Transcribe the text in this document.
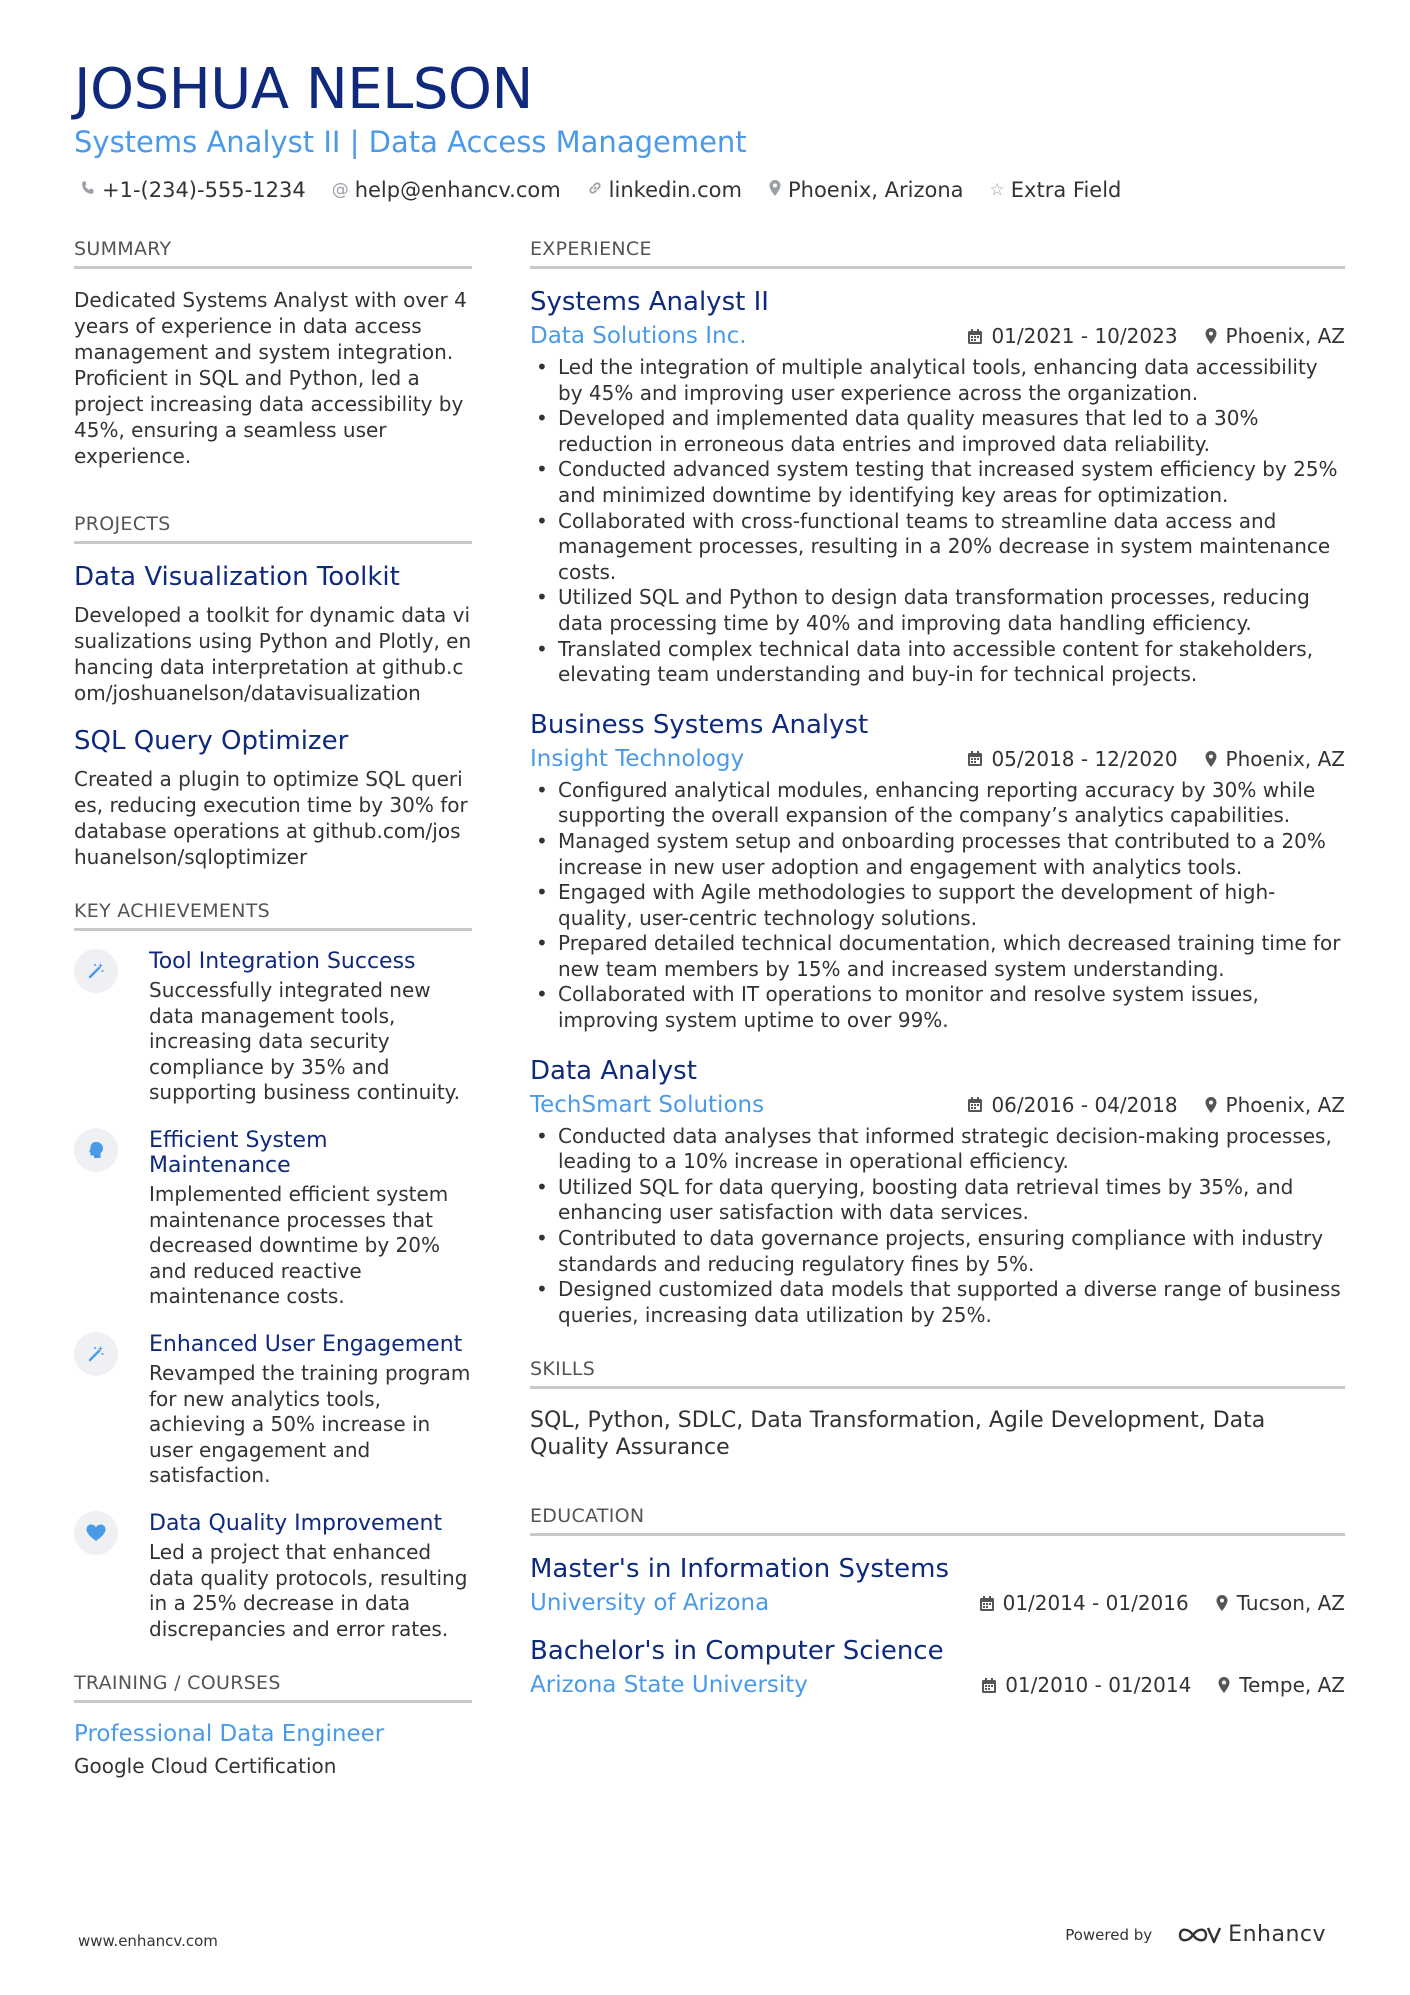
JOSHUA NELSON
Systems Analyst II | Data Access Management
+1-(234)-555-1234 @ help@enhancv.com linkedin.com Phoenix, Arizona ☆ Extra Field
SUMMARY

Dedicated Systems Analyst with over 4 years of experience in data access management and system integration. Proficient in SQL and Python, led a project increasing data accessibility by 45%, ensuring a seamless user experience.

PROJECTS
Data Visualization Toolkit

Developed a toolkit for dynamic data visualizations using Python and Plotly, enhancing data interpretation at github.com/joshuanelson/datavisualization

SQL Query Optimizer

Created a plugin to optimize SQL queries, reducing execution time by 30% for database operations at github.com/joshuanelson/sqloptimizer

KEY ACHIEVEMENTS
Tool Integration Success

Successfully integrated new data management tools, increasing data security compliance by 35% and supporting business continuity.

Efficient System Maintenance

Implemented efficient system maintenance processes that decreased downtime by 20% and reduced reactive maintenance costs.

Enhanced User Engagement

Revamped the training program for new analytics tools, achieving a 50% increase in user engagement and satisfaction.

Data Quality Improvement

Led a project that enhanced data quality protocols, resulting in a 25% decrease in data discrepancies and error rates.

TRAINING / COURSES
Professional Data Engineer

Google Cloud Certification

EXPERIENCE
Systems Analyst II
Data Solutions Inc.	01/2021 - 10/2023 Phoenix, AZ
• Led the integration of multiple analytical tools, enhancing data accessibility by 45% and improving user experience across the organization.
• Developed and implemented data quality measures that led to a 30% reduction in erroneous data entries and improved data reliability.
• Conducted advanced system testing that increased system efficiency by 25% and minimized downtime by identifying key areas for optimization.
• Collaborated with cross-functional teams to streamline data access and management processes, resulting in a 20% decrease in system maintenance costs.
• Utilized SQL and Python to design data transformation processes, reducing data processing time by 40% and improving data handling efficiency.
• Translated complex technical data into accessible content for stakeholders, elevating team understanding and buy-in for technical projects.
Business Systems Analyst
Insight Technology	05/2018 - 12/2020 Phoenix, AZ
• Configured analytical modules, enhancing reporting accuracy by 30% while supporting the overall expansion of the company’s analytics capabilities.
• Managed system setup and onboarding processes that contributed to a 20% increase in new user adoption and engagement with analytics tools.
• Engaged with Agile methodologies to support the development of high-quality, user-centric technology solutions.
• Prepared detailed technical documentation, which decreased training time for new team members by 15% and increased system understanding.
• Collaborated with IT operations to monitor and resolve system issues, improving system uptime to over 99%.
Data Analyst
TechSmart Solutions	06/2016 - 04/2018 Phoenix, AZ
• Conducted data analyses that informed strategic decision-making processes, leading to a 10% increase in operational efficiency.
• Utilized SQL for data querying, boosting data retrieval times by 35%, and enhancing user satisfaction with data services.
• Contributed to data governance projects, ensuring compliance with industry standards and reducing regulatory fines by 5%.
• Designed customized data models that supported a diverse range of business queries, increasing data utilization by 25%.
SKILLS

SQL, Python, SDLC, Data Transformation, Agile Development, Data Quality Assurance

EDUCATION
Master's in Information Systems
University of Arizona	01/2014 - 01/2016 Tucson, AZ
Bachelor's in Computer Science
Arizona State University	01/2010 - 01/2014 Tempe, AZ
www.enhancv.com	Powered by	Enhancv
